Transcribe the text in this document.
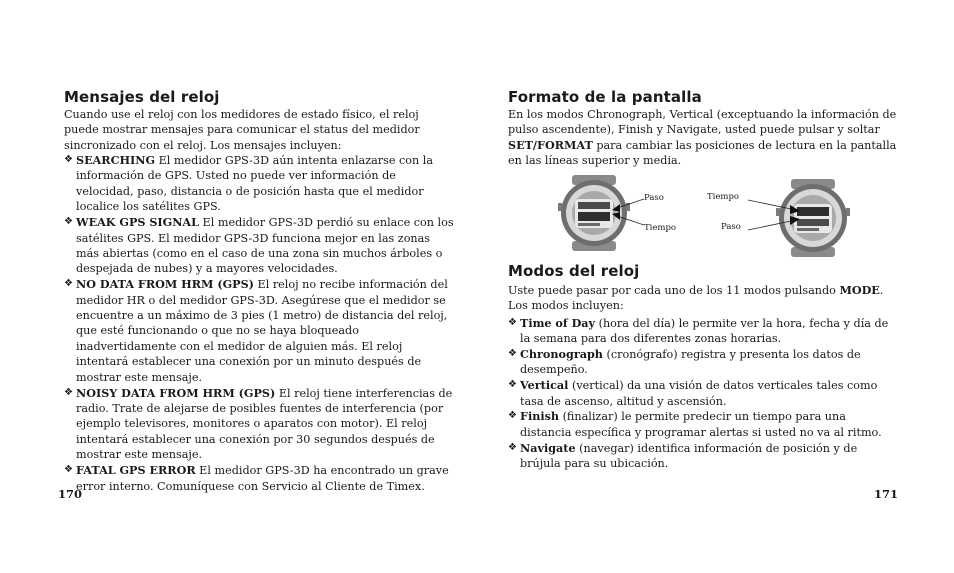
Mensajes del reloj

Cuando use el reloj con los medidores de estado físico, el reloj puede mostrar mensajes para comunicar el status del medidor sincronizado con el reloj. Los mensajes incluyen:

❖ SEARCHING El medidor GPS-3D aún intenta enlazarse con la información de GPS. Usted no puede ver información de velocidad, paso, distancia o de posición hasta que el medidor localice los satélites GPS.
❖ WEAK GPS SIGNAL El medidor GPS-3D perdió su enlace con los satélites GPS. El medidor GPS-3D funciona mejor en las zonas más abiertas (como en el caso de una zona sin muchos árboles o despejada de nubes) y a mayores velocidades.
❖ NO DATA FROM HRM (GPS) El reloj no recibe información del medidor HR o del medidor GPS-3D. Asegúrese que el medidor se encuentre a un máximo de 3 pies (1 metro) de distancia del reloj, que esté funcionando o que no se haya bloqueado inadvertidamente con el medidor de alguien más. El reloj intentará establecer una conexión por un minuto después de mostrar este mensaje.
❖ NOISY DATA FROM HRM (GPS) El reloj tiene interferencias de radio. Trate de alejarse de posibles fuentes de interferencia (por ejemplo televisores, monitores o aparatos con motor). El reloj intentará establecer una conexión por 30 segundos después de mostrar este mensaje.
❖ FATAL GPS ERROR El medidor GPS-3D ha encontrado un grave error interno. Comuníquese con Servicio al Cliente de Timex.
170
Formato de la pantalla

En los modos Chronograph, Vertical (exceptuando la información de pulso ascendente), Finish y Navigate, usted puede pulsar y soltar SET/FORMAT para cambiar las posiciones de lectura en la pantalla en las líneas superior y media.

Paso
Tiempo
Tiempo
Paso
Modos del reloj

Uste puede pasar por cada uno de los 11 modos pulsando MODE. Los modos incluyen:

❖ Time of Day (hora del día) le permite ver la hora, fecha y día de la semana para dos diferentes zonas horarias.
❖ Chronograph (cronógrafo) registra y presenta los datos de desempeño.
❖ Vertical (vertical) da una visión de datos verticales tales como tasa de ascenso, altitud y ascensión.
❖ Finish (finalizar) le permite predecir un tiempo para una distancia específica y programar alertas si usted no va al ritmo.
❖ Navigate (navegar) identifica información de posición y de brújula para su ubicación.
171
